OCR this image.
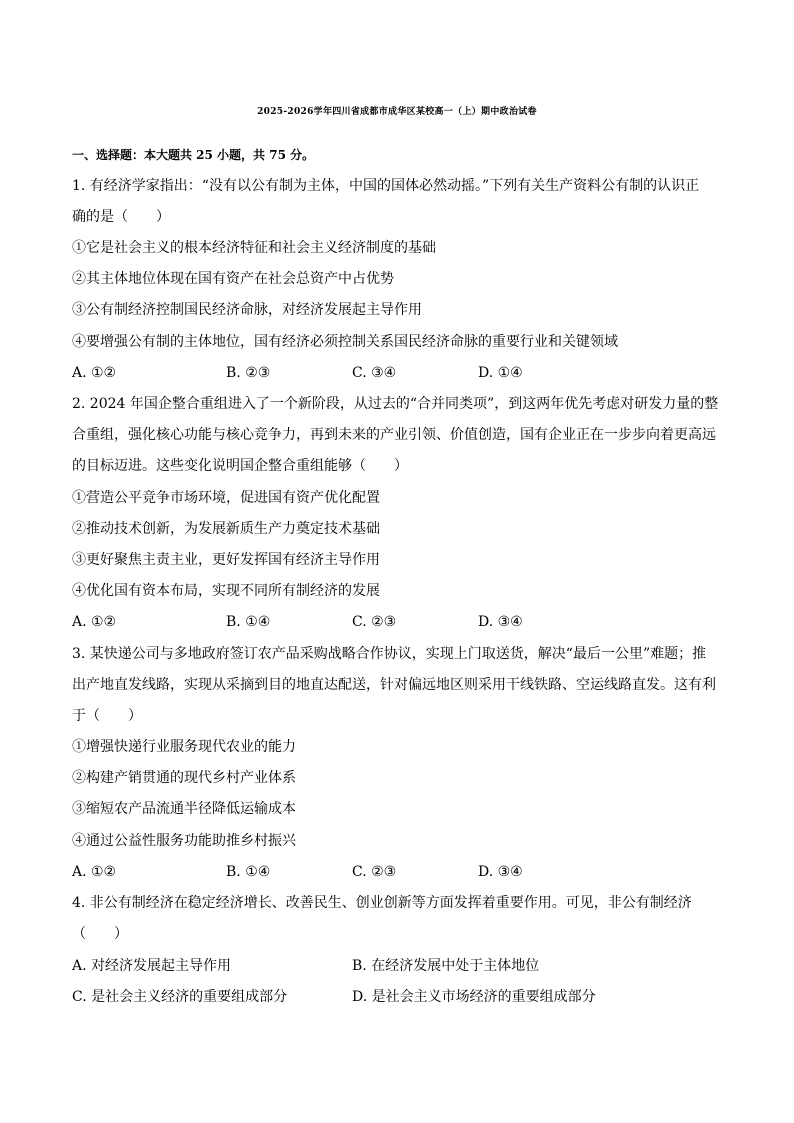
2025-2026学年四川省成都市成华区某校高一（上）期中政治试卷
一、选择题：本大题共 25 小题，共 75 分。
1. 有经济学家指出：“没有以公有制为主体，中国的国体必然动摇。”下列有关生产资料公有制的认识正
确的是（　　）
①它是社会主义的根本经济特征和社会主义经济制度的基础
②其主体地位体现在国有资产在社会总资产中占优势
③公有制经济控制国民经济命脉，对经济发展起主导作用
④要增强公有制的主体地位，国有经济必须控制关系国民经济命脉的重要行业和关键领域
A. ①②	B. ②③	C. ③④	D. ①④
2. 2024 年国企整合重组进入了一个新阶段，从过去的“合并同类项”，到这两年优先考虑对研发力量的整
合重组，强化核心功能与核心竞争力，再到未来的产业引领、价值创造，国有企业正在一步步向着更高远
的目标迈进。这些变化说明国企整合重组能够（　　）
①营造公平竞争市场环境，促进国有资产优化配置
②推动技术创新，为发展新质生产力奠定技术基础
③更好聚焦主责主业，更好发挥国有经济主导作用
④优化国有资本布局，实现不同所有制经济的发展
A. ①②	B. ①④	C. ②③	D. ③④
3. 某快递公司与多地政府签订农产品采购战略合作协议，实现上门取送货，解决“最后一公里”难题；推
出产地直发线路，实现从采摘到目的地直达配送，针对偏远地区则采用干线铁路、空运线路直发。这有利
于（　　）
①增强快递行业服务现代农业的能力
②构建产销贯通的现代乡村产业体系
③缩短农产品流通半径降低运输成本
④通过公益性服务功能助推乡村振兴
A. ①②	B. ①④	C. ②③	D. ③④
4. 非公有制经济在稳定经济增长、改善民生、创业创新等方面发挥着重要作用。可见，非公有制经济
（　　）
A. 对经济发展起主导作用	B. 在经济发展中处于主体地位
C. 是社会主义经济的重要组成部分	D. 是社会主义市场经济的重要组成部分
